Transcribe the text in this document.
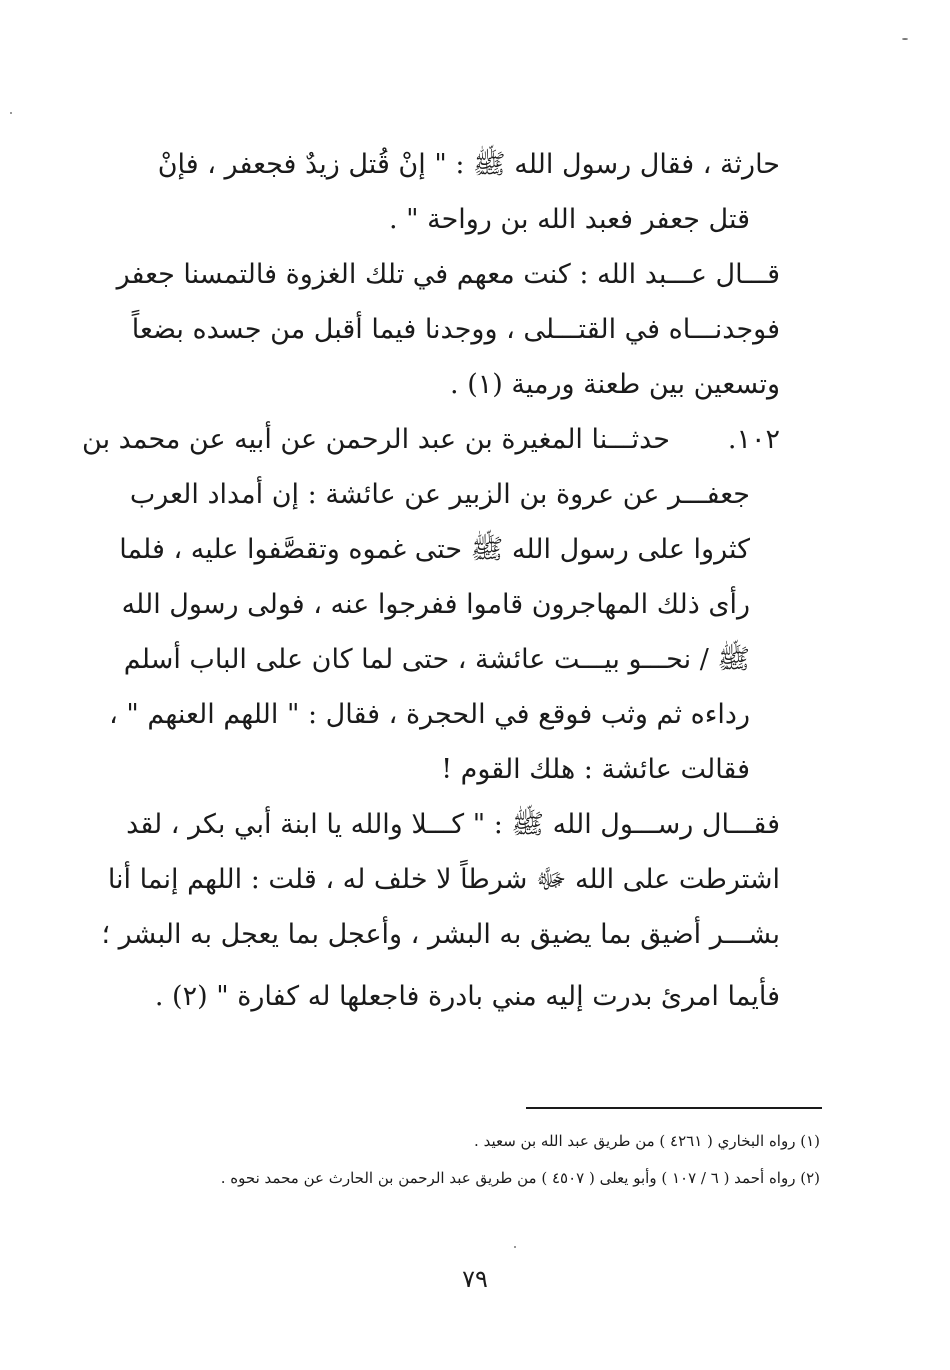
حارثة ، فقال رسول الله ﷺ : " إنْ قُتل زيدٌ فجعفر ، فإنْ
قتل جعفر فعبد الله بن رواحة " .
قـــال عـــبد الله : كنت معهم في تلك الغزوة فالتمسنا جعفر
فوجدنـــاه في القتـــلى ، ووجدنا فيما أقبل من جسده بضعاً
وتسعين بين طعنة ورمية (١) .
١٠٢.
حدثـــنا المغيرة بن عبد الرحمن عن أبيه عن محمد بن
جعفـــر عن عروة بن الزبير عن عائشة : إن أمداد العرب
كثروا على رسول الله ﷺ حتى غموه وتقصَّفوا عليه ، فلما
رأى ذلك المهاجرون قاموا ففرجوا عنه ، فولى رسول الله
ﷺ / نحـــو بيـــت عائشة ، حتى لما كان على الباب أسلم
رداءه ثم وثب فوقع في الحجرة ، فقال : " اللهم العنهم " ،
فقالت عائشة : هلك القوم !
فقـــال رســـول الله ﷺ : " كـــلا والله يا ابنة أبي بكر ، لقد
اشترطت على الله ﷻ شرطاً لا خلف له ، قلت : اللهم إنما أنا
بشـــر أضيق بما يضيق به البشر ، وأعجل بما يعجل به البشر ؛
فأيما امرئ بدرت إليه مني بادرة فاجعلها له كفارة " (٢) .
(١) رواه البخاري ( ٤٢٦١ ) من طريق عبد الله بن سعيد .
(٢) رواه أحمد ( ٦ / ١٠٧ ) وأبو يعلى ( ٤٥٠٧ ) من طريق عبد الرحمن بن الحارث عن محمد نحوه .
٧٩
